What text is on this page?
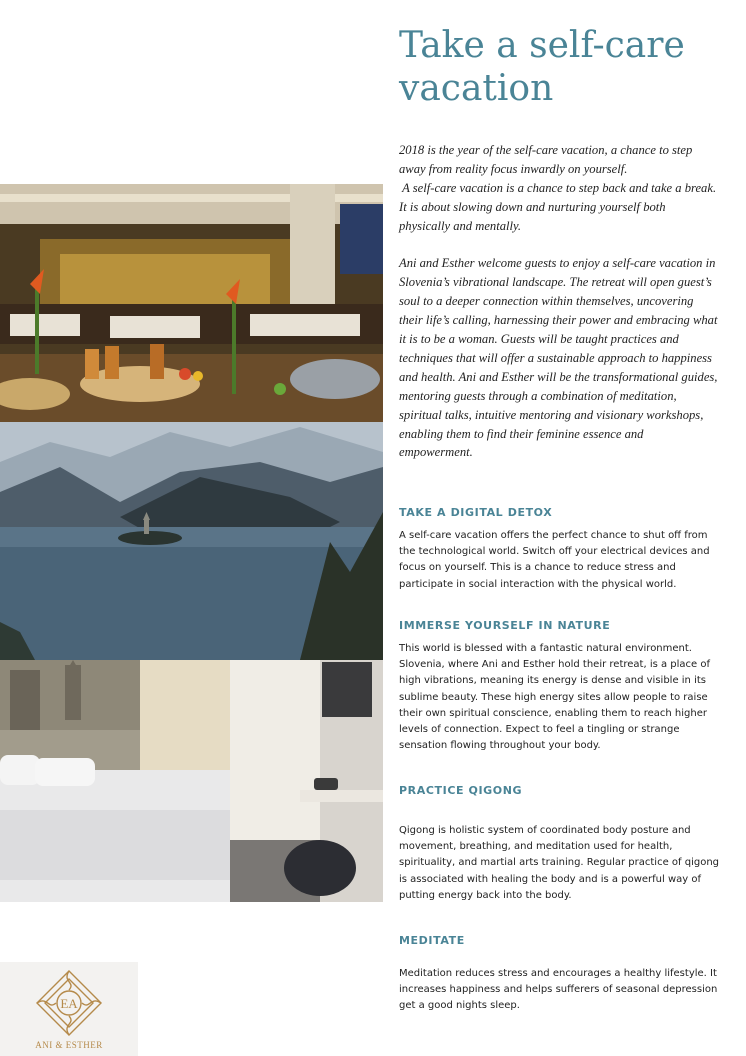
Take a self-care vacation

2018 is the year of the self-care vacation, a chance to step away from reality focus inwardly on yourself.

A self-care vacation is a chance to step back and take a break. It is about slowing down and nurturing yourself both physically and mentally.

Ani and Esther welcome guests to enjoy a self-care vacation in Slovenia’s vibrational landscape. The retreat will open guest’s soul to a deeper connection within themselves, uncovering their life’s calling, harnessing their power and embracing what it is to be a woman. Guests will be taught practices and techniques that will offer a sustainable approach to happiness and health. Ani and Esther will be the transformational guides, mentoring guests through a combination of meditation, spiritual talks, intuitive mentoring and visionary workshops, enabling them to find their feminine essence and empowerment.

TAKE A DIGITAL DETOX

A self-care vacation offers the perfect chance to shut off from the technological world. Switch off your electrical devices and focus on yourself. This is a chance to reduce stress and participate in social interaction with the physical world.

IMMERSE YOURSELF IN NATURE

This world is blessed with a fantastic natural environment. Slovenia, where Ani and Esther hold their retreat, is a place of high vibrations, meaning its energy is dense and visible in its sublime beauty. These high energy sites allow people to raise their own spiritual conscience, enabling them to reach higher levels of connection. Expect to feel a tingling or strange sensation flowing throughout your body.

PRACTICE QIGONG

Qigong is holistic system of coordinated body posture and movement, breathing, and meditation used for health, spirituality, and martial arts training. Regular practice of qigong is associated with healing the body and is a powerful way of putting energy back into the body.

MEDITATE

Meditation reduces stress and encourages a healthy lifestyle. It increases happiness and helps sufferers of seasonal depression get a good nights sleep.

EA
ANI & ESTHER
